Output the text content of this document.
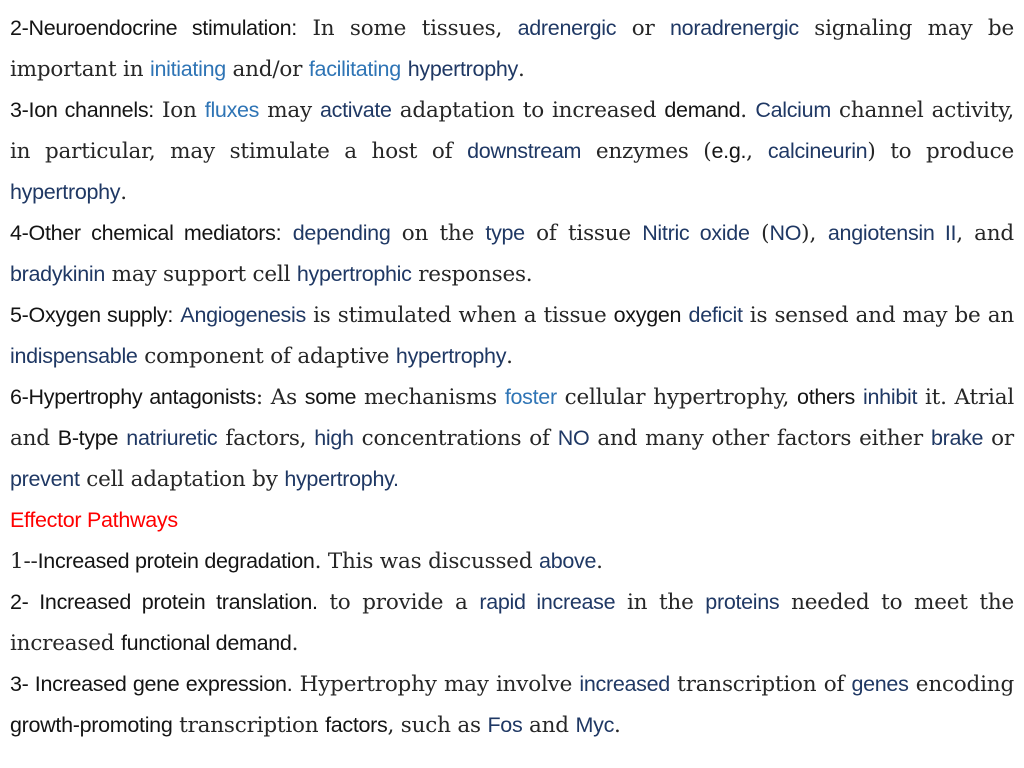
2-Neuroendocrine stimulation: In some tissues, adrenergic or noradrenergic signaling may be important in initiating and/or facilitating hypertrophy.

3-Ion channels: Ion fluxes may activate adaptation to increased demand. Calcium channel activity, in particular, may stimulate a host of downstream enzymes (e.g., calcineurin) to produce hypertrophy.

4-Other chemical mediators: depending on the type of tissue Nitric oxide (NO), angiotensin II, and bradykinin may support cell hypertrophic responses.

5-Oxygen supply: Angiogenesis is stimulated when a tissue oxygen deficit is sensed and may be an indispensable component of adaptive hypertrophy.

6-Hypertrophy antagonists: As some mechanisms foster cellular hypertrophy, others inhibit it. Atrial and B-type natriuretic factors, high concentrations of NO and many other factors either brake or prevent cell adaptation by hypertrophy.

Effector Pathways

1--Increased protein degradation. This was discussed above.

2- Increased protein translation. to provide a rapid increase in the proteins needed to meet the increased functional demand.

3- Increased gene expression. Hypertrophy may involve increased transcription of genes encoding growth-promoting transcription factors, such as Fos and Myc.
